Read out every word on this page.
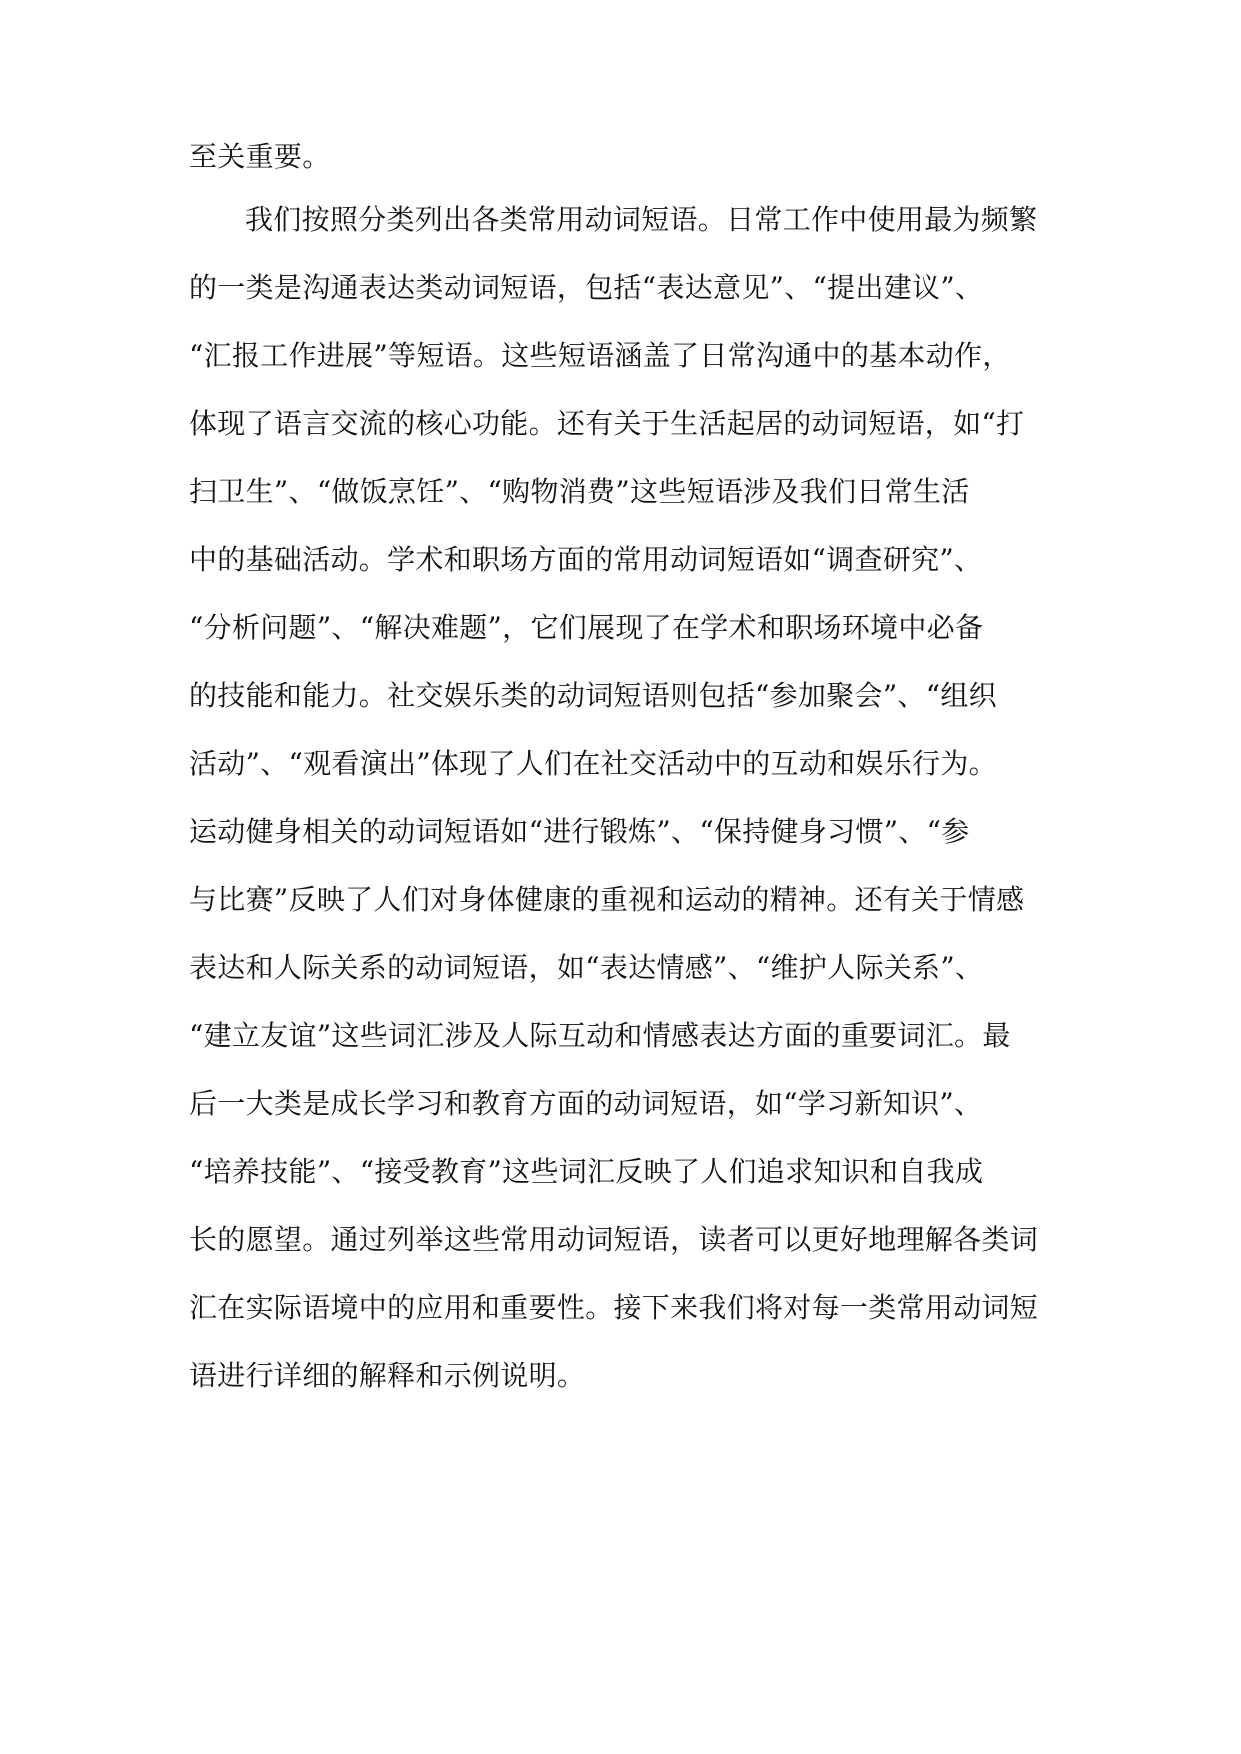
至关重要。

我们按照分类列出各类常用动词短语。日常工作中使用最为频繁

的一类是沟通表达类动词短语，包括“表达意见”、“提出建议”、

“汇报工作进展”等短语。这些短语涵盖了日常沟通中的基本动作，

体现了语言交流的核心功能。还有关于生活起居的动词短语，如“打

扫卫生”、“做饭烹饪”、“购物消费”这些短语涉及我们日常生活

中的基础活动。学术和职场方面的常用动词短语如“调查研究”、

“分析问题”、“解决难题”，它们展现了在学术和职场环境中必备

的技能和能力。社交娱乐类的动词短语则包括“参加聚会”、“组织

活动”、“观看演出”体现了人们在社交活动中的互动和娱乐行为。

运动健身相关的动词短语如“进行锻炼”、“保持健身习惯”、“参

与比赛”反映了人们对身体健康的重视和运动的精神。还有关于情感

表达和人际关系的动词短语，如“表达情感”、“维护人际关系”、

“建立友谊”这些词汇涉及人际互动和情感表达方面的重要词汇。最

后一大类是成长学习和教育方面的动词短语，如“学习新知识”、

“培养技能”、“接受教育”这些词汇反映了人们追求知识和自我成

长的愿望。通过列举这些常用动词短语，读者可以更好地理解各类词

汇在实际语境中的应用和重要性。接下来我们将对每一类常用动词短

语进行详细的解释和示例说明。
